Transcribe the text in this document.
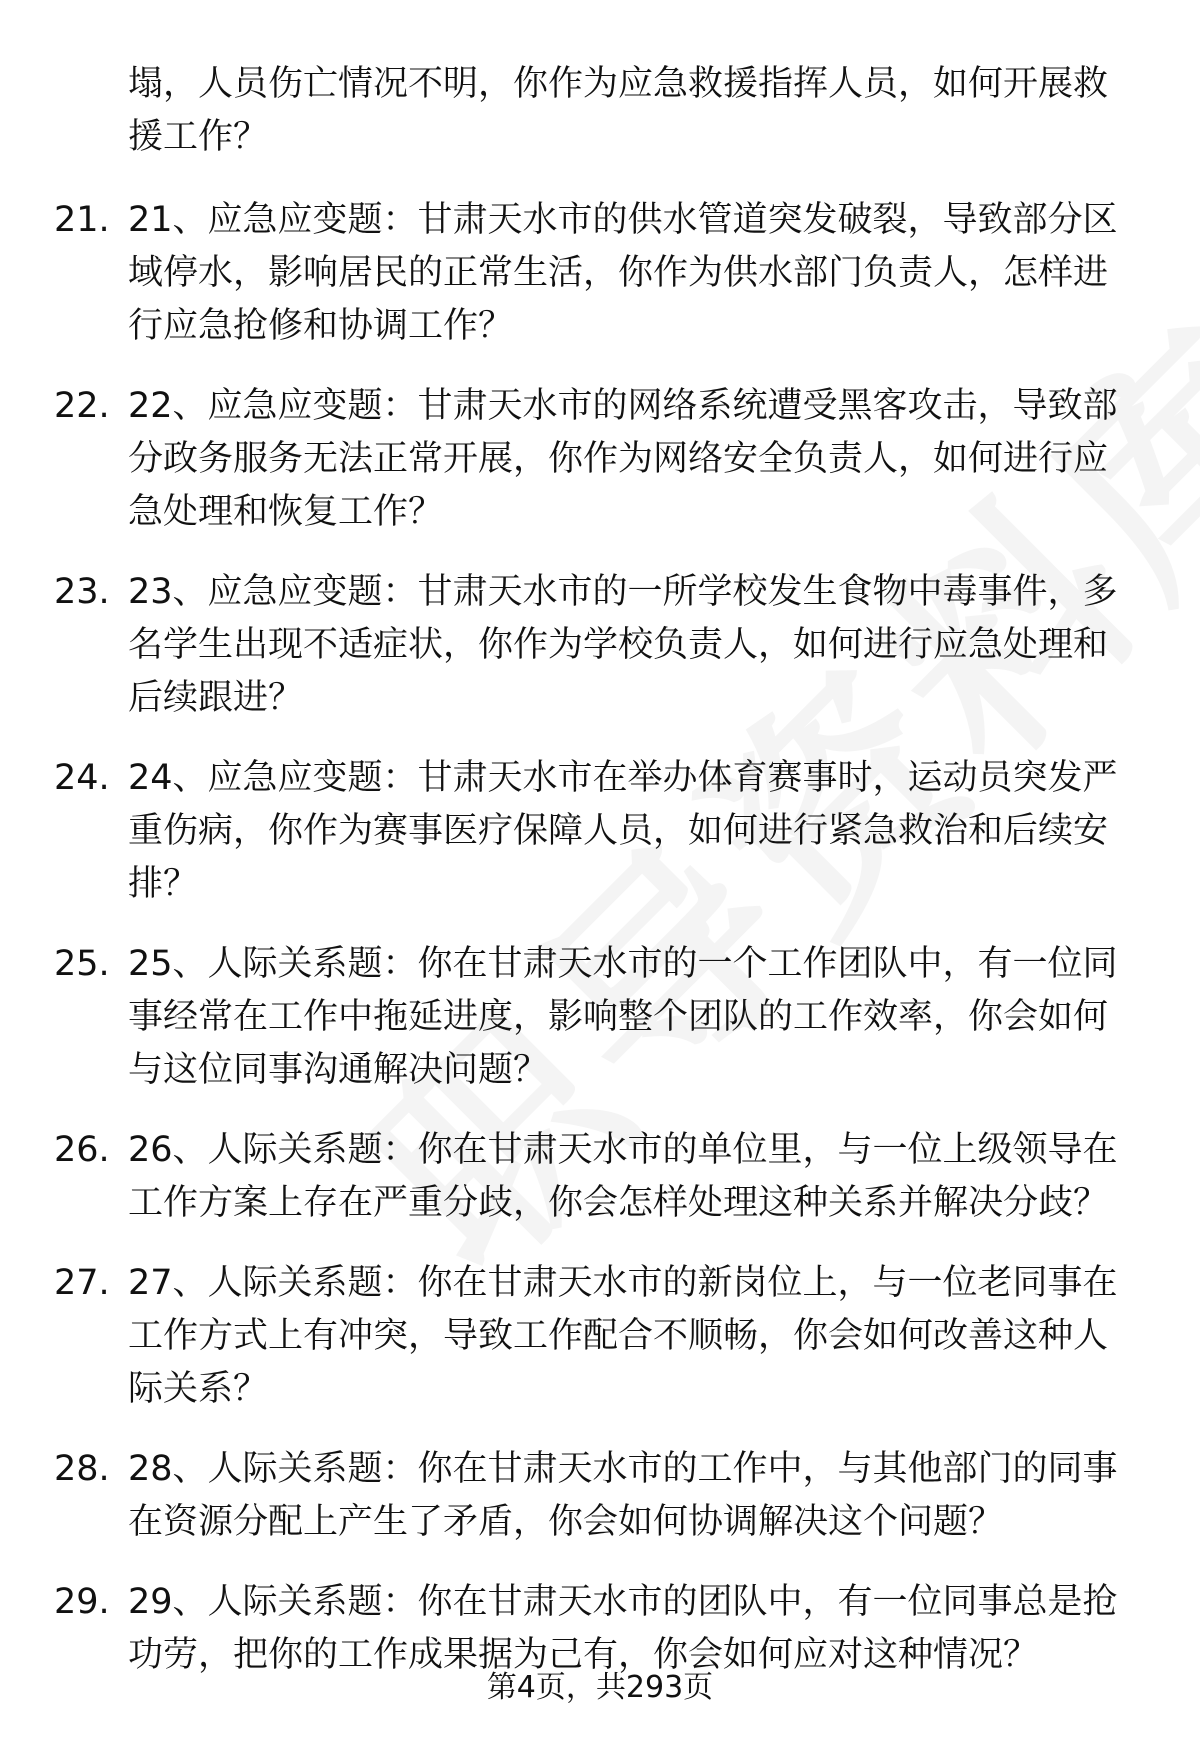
塌，人员伤亡情况不明，你作为应急救援指挥人员，如何开展救援工作？
21. 21、应急应变题：甘肃天水市的供水管道突发破裂，导致部分区域停水，影响居民的正常生活，你作为供水部门负责人，怎样进行应急抢修和协调工作？
22. 22、应急应变题：甘肃天水市的网络系统遭受黑客攻击，导致部分政务服务无法正常开展，你作为网络安全负责人，如何进行应急处理和恢复工作？
23. 23、应急应变题：甘肃天水市的一所学校发生食物中毒事件，多名学生出现不适症状，你作为学校负责人，如何进行应急处理和后续跟进？
24. 24、应急应变题：甘肃天水市在举办体育赛事时，运动员突发严重伤病，你作为赛事医疗保障人员，如何进行紧急救治和后续安排？
25. 25、人际关系题：你在甘肃天水市的一个工作团队中，有一位同事经常在工作中拖延进度，影响整个团队的工作效率，你会如何与这位同事沟通解决问题？
26. 26、人际关系题：你在甘肃天水市的单位里，与一位上级领导在工作方案上存在严重分歧，你会怎样处理这种关系并解决分歧？
27. 27、人际关系题：你在甘肃天水市的新岗位上，与一位老同事在工作方式上有冲突，导致工作配合不顺畅，你会如何改善这种人际关系？
28. 28、人际关系题：你在甘肃天水市的工作中，与其他部门的同事在资源分配上产生了矛盾，你会如何协调解决这个问题？
29. 29、人际关系题：你在甘肃天水市的团队中，有一位同事总是抢功劳，把你的工作成果据为己有，你会如何应对这种情况？
第4页，共293页
